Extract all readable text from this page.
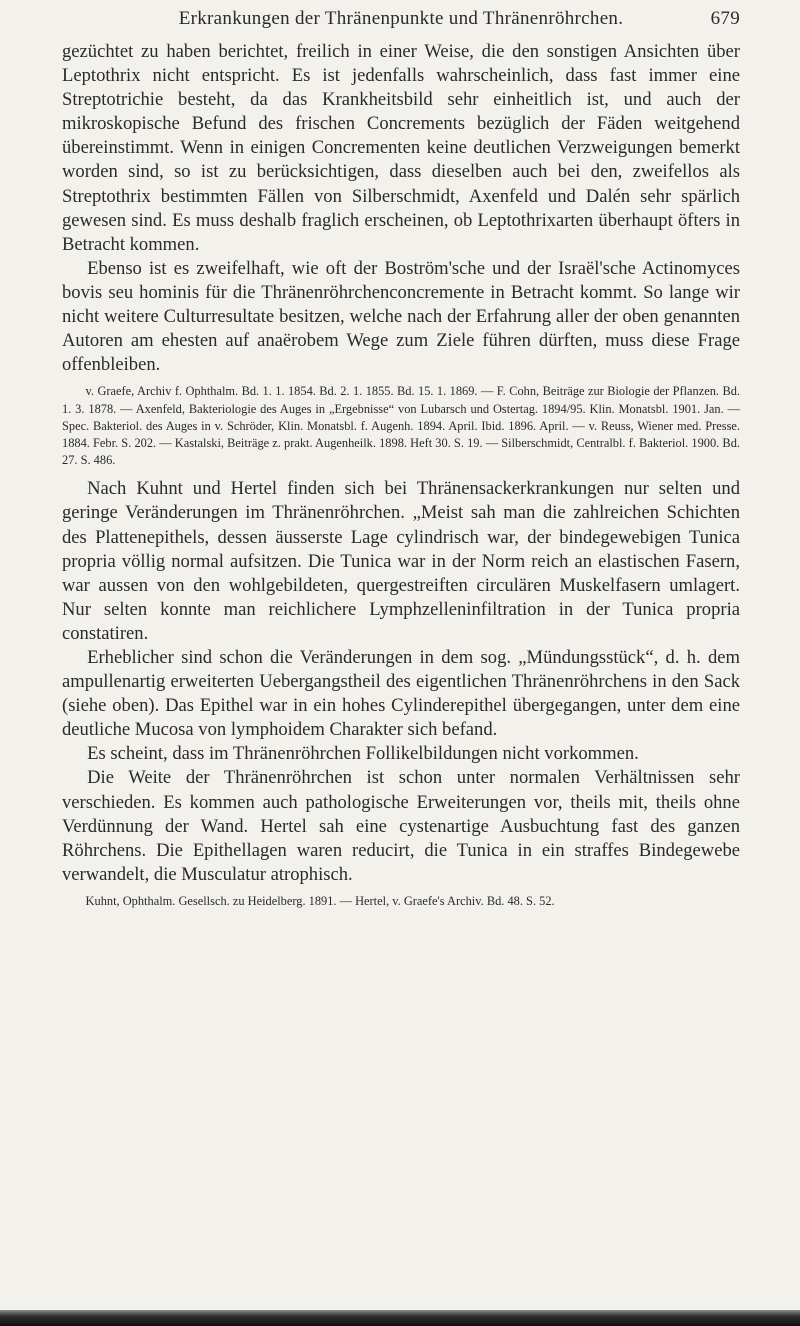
Erkrankungen der Thränenpunkte und Thränenröhrchen.	679

gezüchtet zu haben berichtet, freilich in einer Weise, die den sonstigen Ansichten über Leptothrix nicht entspricht. Es ist jedenfalls wahrscheinlich, dass fast immer eine Streptotrichie besteht, da das Krankheitsbild sehr einheitlich ist, und auch der mikroskopische Befund des frischen Concrements bezüglich der Fäden weitgehend übereinstimmt. Wenn in einigen Concrementen keine deutlichen Verzweigungen bemerkt worden sind, so ist zu berücksichtigen, dass dieselben auch bei den, zweifellos als Streptothrix bestimmten Fällen von Silberschmidt, Axenfeld und Dalén sehr spärlich gewesen sind. Es muss deshalb fraglich erscheinen, ob Leptothrixarten überhaupt öfters in Betracht kommen.

Ebenso ist es zweifelhaft, wie oft der Boström'sche und der Israël'sche Actinomyces bovis seu hominis für die Thränenröhrchenconcremente in Betracht kommt. So lange wir nicht weitere Culturresultate besitzen, welche nach der Erfahrung aller der oben genannten Autoren am ehesten auf anaërobem Wege zum Ziele führen dürften, muss diese Frage offenbleiben.

v. Graefe, Archiv f. Ophthalm. Bd. 1. 1. 1854. Bd. 2. 1. 1855. Bd. 15. 1. 1869. — F. Cohn, Beiträge zur Biologie der Pflanzen. Bd. 1. 3. 1878. — Axenfeld, Bakteriologie des Auges in „Ergebnisse“ von Lubarsch und Ostertag. 1894/95. Klin. Monatsbl. 1901. Jan. — Spec. Bakteriol. des Auges in v. Schröder, Klin. Monatsbl. f. Augenh. 1894. April. Ibid. 1896. April. — v. Reuss, Wiener med. Presse. 1884. Febr. S. 202. — Kastalski, Beiträge z. prakt. Augenheilk. 1898. Heft 30. S. 19. — Silberschmidt, Centralbl. f. Bakteriol. 1900. Bd. 27. S. 486.

Nach Kuhnt und Hertel finden sich bei Thränensackerkrankungen nur selten und geringe Veränderungen im Thränenröhrchen. „Meist sah man die zahlreichen Schichten des Plattenepithels, dessen äusserste Lage cylindrisch war, der bindegewebigen Tunica propria völlig normal aufsitzen. Die Tunica war in der Norm reich an elastischen Fasern, war aussen von den wohlgebildeten, quergestreiften circulären Muskelfasern umlagert. Nur selten konnte man reichlichere Lymphzelleninfiltration in der Tunica propria constatiren.

Erheblicher sind schon die Veränderungen in dem sog. „Mündungsstück“, d. h. dem ampullenartig erweiterten Uebergangstheil des eigentlichen Thränenröhrchens in den Sack (siehe oben). Das Epithel war in ein hohes Cylinderepithel übergegangen, unter dem eine deutliche Mucosa von lymphoidem Charakter sich befand.

Es scheint, dass im Thränenröhrchen Follikelbildungen nicht vorkommen.

Die Weite der Thränenröhrchen ist schon unter normalen Verhältnissen sehr verschieden. Es kommen auch pathologische Erweiterungen vor, theils mit, theils ohne Verdünnung der Wand. Hertel sah eine cystenartige Ausbuchtung fast des ganzen Röhrchens. Die Epithellagen waren reducirt, die Tunica in ein straffes Bindegewebe verwandelt, die Musculatur atrophisch.

Kuhnt, Ophthalm. Gesellsch. zu Heidelberg. 1891. — Hertel, v. Graefe's Archiv. Bd. 48. S. 52.
